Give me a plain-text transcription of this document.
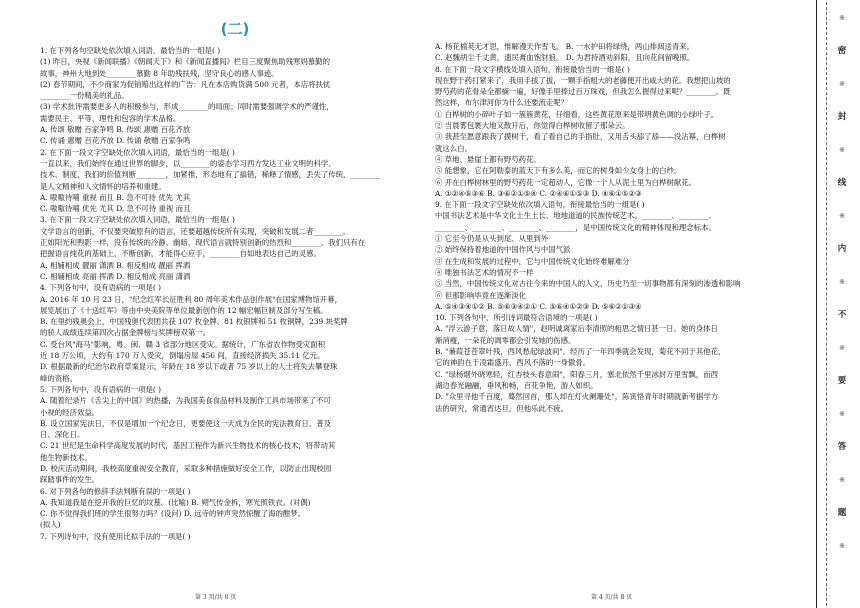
(二)
1. 在下列各句空缺处依次填入词语，最恰当的一组是( )
(1) 昨日，央视《新闻联播》《朝闻天下》和《新闻直播间》栏目三度聚焦助残寒妈慕勤的
故事，神州大地到处________慕勤 8 年助残扶残，坚守良心的感人事迹。
(2) 春节期间，不少商家为促销赔出这样的广告：凡在本店购货满 500 元者，本店将扶忧
________一份精美的礼品。
(3) 学术批评需要更多人的积极参与，形成________的局面；同时需要强调学术的严谨性，
需要民主、平等、理性和包容的学术品格。
A. 传颂 敬赠 百家争鸣 B. 传颂 惠赠 百花齐放
C. 传诵 惠赠 百花齐放 D. 传诵 敬赠 百家争鸣
2. 在下面一段文字空缺处依次填入词语，最恰当的一组是( )
一直以来，我们始终在通过世界的脚步，以________的姿态学习西方发达工业文明的科学、
技术、制度，我们的价值判断________，加紧推，形态地有了搞错，稀释了情感，丢失了传统，________
是人文精神和人文情怀的培养和重建。
A. 嗷嗷待哺 重视 而且 B. 急不可待 优先 尤其
C. 嗷嗷待哺 优先 尤其 D. 急不可待 重视 而且
3. 在下面一段文字空缺处依次填入词语，最恰当的一组是( )
文学语言的创新，不仅要突破原有的语言，还要超越传统所有实现，突破和发展二者________。
正如阳光和煦影一样，没有传统的冷静、幽暗，现代语言就特别创新的热烈和________。我们只有在
把握语言纯花的基础上，不断创新，才能得心应手，________自如地表达自己的灵感。
A. 相辅相成 靓丽 潇洒 B. 相反相成 靓丽 挥洒
C. 相辅相成 亮丽 挥洒 D. 相反相成 亮丽 潇洒
4. 下列各句中，没有语病的一项是( )
A. 2016 年 10 月 23 日，"纪念红军长征胜利 80 周年美术作品创作展"在国家博物馆开幕，
展览展出了《十送红军》等由中央美院等单位最新创作的 12 幅宏幅巨制及部分写生稿。
B. 在里约残奥会上，中国残奥代表团共获 107 枚金牌、81 枚银牌和 51 枚铜牌，239 块奖牌
的骄人战绩连续第四次占据金牌榜与奖牌榜双第一。
C. 受台风"海马"影响，粤、闽、赣 3 省部分地区受灾。据统计，广东省农作物受灾面积
近 18 万公顷，大约有 170 万人受灾，倒塌房屋 456 间，直接经济损失 35.11 亿元。
D. 根据最新的纪治尔政府草案显示，年龄在 18 岁以下或者 75 岁以上的人士将失去攀登珠
峰的资格。
5. 下列各句中，没有语病的一项是( )
A. 随着纪录片《舌尖上的中国》的热播，为我国美食食品材料及制作工具市场带来了不可
小视的经济效益。
B. 设立国家宪法日，不仅是增加一个纪念日，更要使这一天成为全民的宪法教育日、普及
日、深化日。
C. 21 世纪是生命科学高度发展的时代，基因工程作为新兴生物技术的核心技术，将带动其
他生物新技术。
D. 校庆活动期间，我校高度重视安全教育，采取多种措施做好安全工作，以防止出现校园
踩踏事件的发生。
6. 对下列各句的修辞手法判断有误的一项是( )
A. 我知道我是在挖开我的巨忆的坟墓。(比喻) B. 朔气传金柝，寒光照铁衣。(对偶)
C. 你不觉得我们班的学生很努力吗？(设问) D. 远寺的钟声突然惊醒了海的酣梦。
(拟人)
7. 下列诗句中，没有使用比拟手法的一项是( )
A. 杨花榆荚无才思，惟解漫天作雪飞。 B. 一水护田将绿绕，两山排闼送青来。
C. 赵魏胡尘千丈黄，遗民膏血饱豺狼。 D. 为君持酒劝斜阳，且向花间留晚照。
8. 在下面一段文字横线处填入语句，衔接最恰当的一组是( )
现在野于药打紧来了，我用手拔了拔，一颗手指粗大的老藤便开出咸大的花。我想把山坡的
野芍药的花骨朵全都摘一遍，好像手里捧过百万珠戏，但我怎么握得过来呢？________。既
然这样，布尔津河你为什么还要流走呢？
① 白桦树的小碎叶子如一簇簇黄花，仔细看，这些黄花原来是带明黄色调的小绿叶子。
② 当晨雾包裹大地又散开后，你觉得白桦树收留了那朵云。
③ 我甚至愿意跟我了摸树干，看了看自己的手指肚，又用舌头舔了舔——没沾幂，白桦树
就这么白。
④ 草地、悬崖上都有野芍药花。
⑤ 能想象，它在阿勒泰的蓝天下有多么美，而它的树身如少女身上的白纱。
⑥ 开在白桦树林里的野芍药花一定超动人，它像一个人从泥土里为白桦树献花。
A. ①②④⑤③⑥ B. ③⑥②①⑤④ C. ②④⑥①⑤③ D. ④⑥①⑤②③
9. 在下面一段文字空缺处依次填入语句，衔接最恰当的一组是( )
中国书法艺术是中华文化土生土长、地地道道的民族传统艺术。________、________、
________、________、________、________，是中国传统文化的精神体现和理念标本。
① 它至今仍是从头到尾、从里到外
② 始终保持着地道的中国作风与中国气派
③ 在生成和发展的过程中，它与中国传统文化始终难解难分
④ 唯独书法艺术的情况不一样
⑤ 当然，中国传统文化对古往今来的中国人的人文、历史乃至一切事物都有深刻的渗透和影响
⑥ 但那影响毕竟在逐渐淡化
A. ⑤④③④①② B. ⑤⑥③④②① C. ⑤⑥④①②③ D. ⑤⑥②①③④
10. 下列各句中，所引诗词最符合语境的一项是( )
A. "浮云游子意，落日故人情"，赵明诚离家后李清照的相思之情日甚一日。她的身体日
渐消瘦，一朵花的凋零都会引发她的伤感。
B. "蒹葭苍苍翠叶残，西风愁起绿波间"，经历了一年四季就会发现，菊花不同于其他花，
它的神韵在于凌霜盛开、西风不落的一身傲骨。
C. "绿杨烟外晓寒轻，红杏枝头春意闹"，阳春三月，塞北依然千里冰封万里雪飘，而西
湖边春光融融，垂风和畅，百花争艳，游人如织。
D. "众里寻他千百度，蓦然回首，那人却在灯火阑珊处"，陈寅恪青年时期就新考据学方
法的研究，常通宵达旦，但他乐此不疲。
第 3 页/共 8 页	第 4 页/共 8 页
※
密
※
封
※
线
※
内
※
不
※
要
※
答
※
题
※
